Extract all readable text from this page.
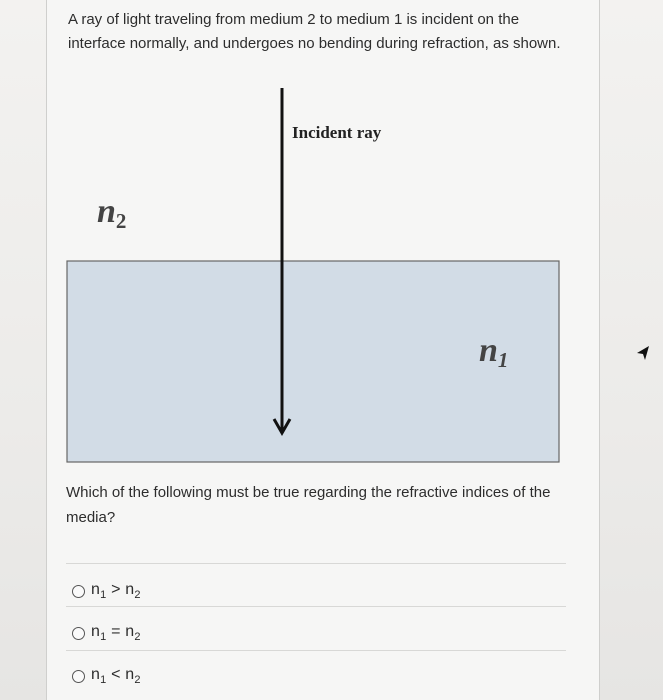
A ray of light traveling from medium 2 to medium 1 is incident on the interface normally, and undergoes no bending during refraction, as shown.
Incident ray
n2
n1
Which of the following must be true regarding the refractive indices of the media?
$n_1 > n_2$
$n_1 = n_2$
$n_1 < n_2$
